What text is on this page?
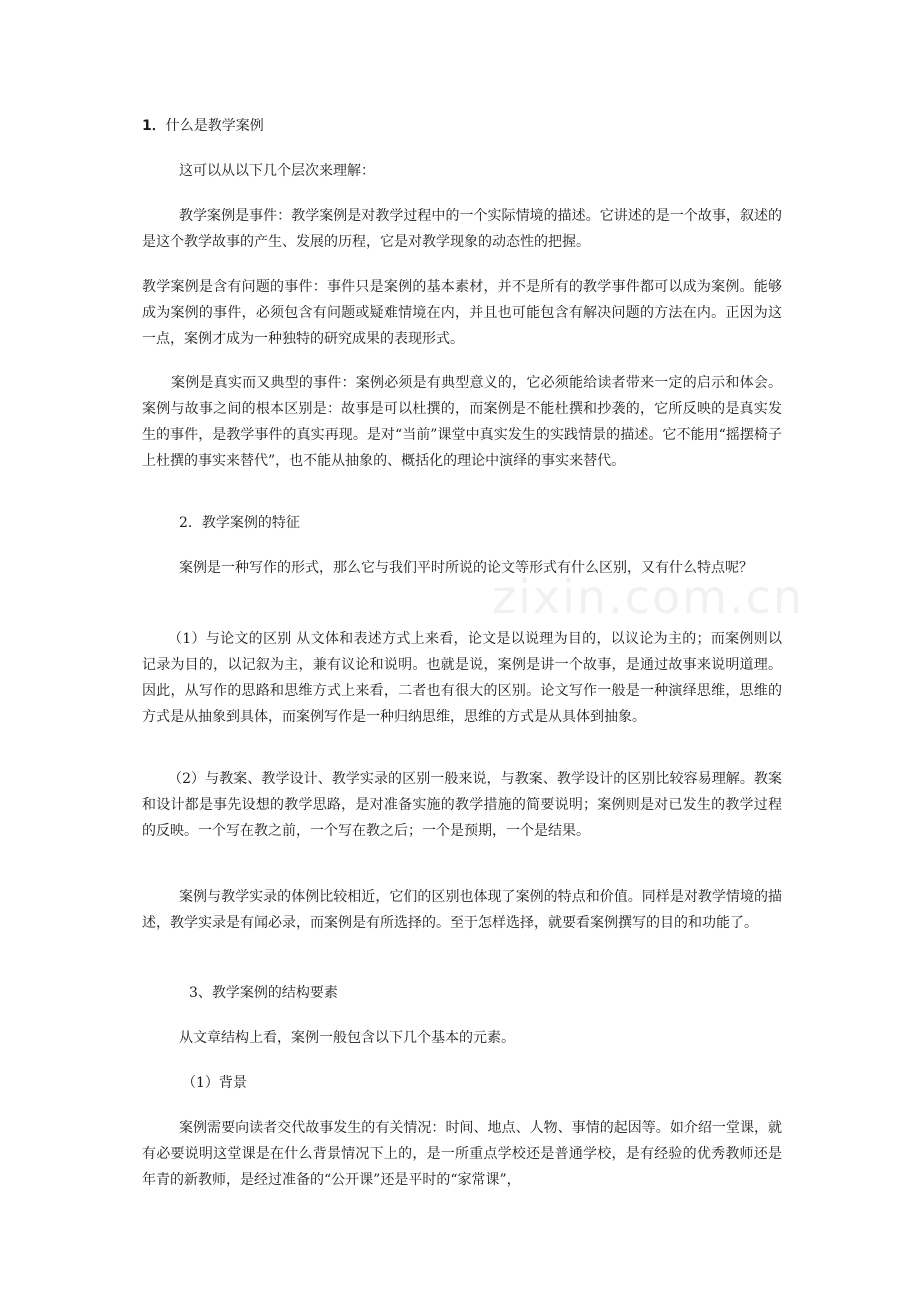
zixin.com.cn

1．什么是教学案例

这可以从以下几个层次来理解：

教学案例是事件：教学案例是对教学过程中的一个实际情境的描述。它讲述的是一个故事，叙述的是这个教学故事的产生、发展的历程，它是对教学现象的动态性的把握。

教学案例是含有问题的事件：事件只是案例的基本素材，并不是所有的教学事件都可以成为案例。能够成为案例的事件，必须包含有问题或疑难情境在内，并且也可能包含有解决问题的方法在内。正因为这一点，案例才成为一种独特的研究成果的表现形式。

案例是真实而又典型的事件：案例必须是有典型意义的，它必须能给读者带来一定的启示和体会。案例与故事之间的根本区别是：故事是可以杜撰的，而案例是不能杜撰和抄袭的，它所反映的是真实发生的事件，是教学事件的真实再现。是对“当前”课堂中真实发生的实践情景的描述。它不能用“摇摆椅子上杜撰的事实来替代”，也不能从抽象的、概括化的理论中演绎的事实来替代。

2．教学案例的特征

案例是一种写作的形式，那么它与我们平时所说的论文等形式有什么区别，又有什么特点呢？

（1）与论文的区别 从文体和表述方式上来看，论文是以说理为目的，以议论为主的；而案例则以记录为目的，以记叙为主，兼有议论和说明。也就是说，案例是讲一个故事，是通过故事来说明道理。因此，从写作的思路和思维方式上来看，二者也有很大的区别。论文写作一般是一种演绎思维，思维的方式是从抽象到具体，而案例写作是一种归纳思维，思维的方式是从具体到抽象。

（2）与教案、教学设计、教学实录的区别一般来说，与教案、教学设计的区别比较容易理解。教案和设计都是事先设想的教学思路，是对准备实施的教学措施的简要说明；案例则是对已发生的教学过程的反映。一个写在教之前，一个写在教之后；一个是预期，一个是结果。

案例与教学实录的体例比较相近，它们的区别也体现了案例的特点和价值。同样是对教学情境的描述，教学实录是有闻必录，而案例是有所选择的。至于怎样选择，就要看案例撰写的目的和功能了。

3、教学案例的结构要素

从文章结构上看，案例一般包含以下几个基本的元素。

（1）背景

案例需要向读者交代故事发生的有关情况：时间、地点、人物、事情的起因等。如介绍一堂课，就有必要说明这堂课是在什么背景情况下上的，是一所重点学校还是普通学校，是有经验的优秀教师还是年青的新教师，是经过准备的“公开课”还是平时的“家常课”，
